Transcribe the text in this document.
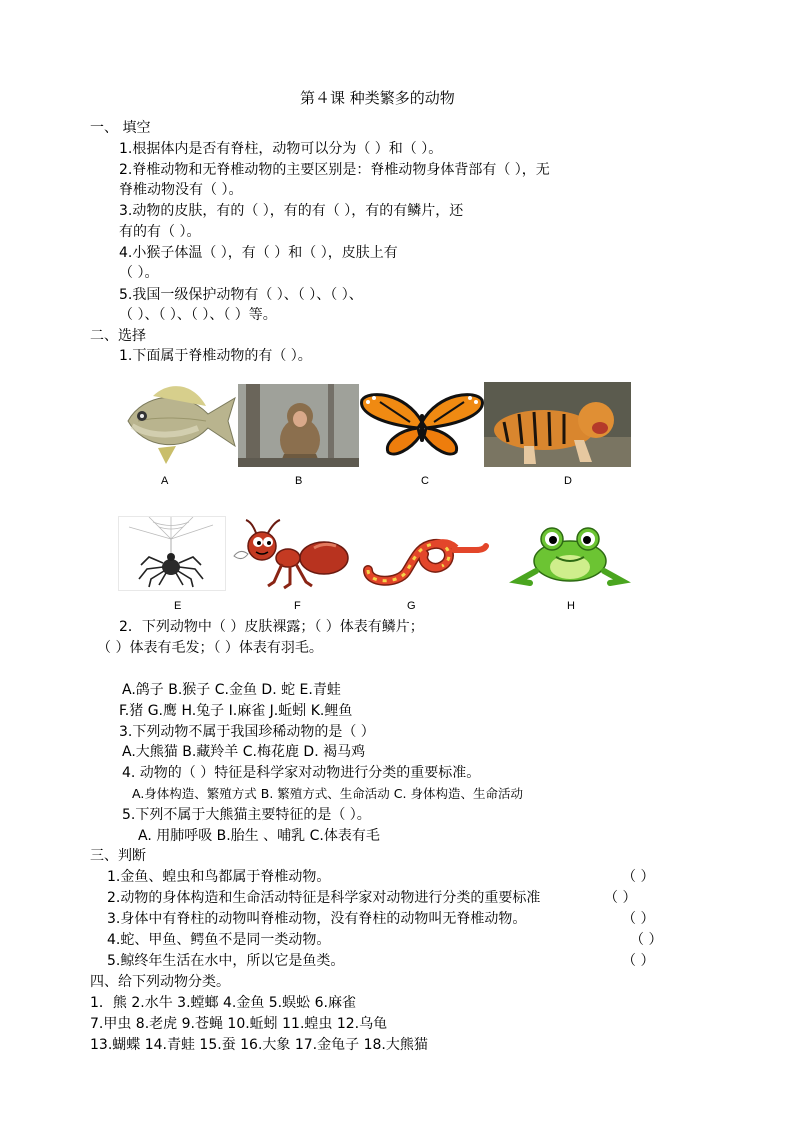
第４课 种类繁多的动物
一、 填空
1.根据体内是否有脊柱，动物可以分为（ ）和（ ）。
2.脊椎动物和无脊椎动物的主要区别是：脊椎动物身体背部有（ ），无
脊椎动物没有（ ）。
3.动物的皮肤，有的（ ），有的有（ ），有的有鳞片，还
有的有（ ）。
4.小猴子体温（ ），有（ ）和（ ），皮肤上有
（ ）。
5.我国一级保护动物有（ ）、（ ）、（ ）、
（ ）、（ ）、（ ）、（ ）等。
二、选择
1.下面属于脊椎动物的有（ ）。
A	B	C	D
E	F	G	H
2．下列动物中（ ）皮肤裸露；（ ）体表有鳞片；
（ ）体表有毛发；（ ）体表有羽毛。
A.鸽子 B.猴子 C.金鱼 D. 蛇 E.青蛙
F.猪 G.鹰 H.兔子 I.麻雀 J.蚯蚓 K.鲤鱼
3.下列动物不属于我国珍稀动物的是（ ）
A.大熊猫 B.藏羚羊 C.梅花鹿 D. 褐马鸡
4. 动物的（ ）特征是科学家对动物进行分类的重要标准。
A.身体构造、繁殖方式 B. 繁殖方式、生命活动 C. 身体构造、生命活动
5.下列不属于大熊猫主要特征的是（ ）。
A. 用肺呼吸 B.胎生 、哺乳 C.体表有毛
三、判断
1.金鱼、蝗虫和鸟都属于脊椎动物。	（ ）
2.动物的身体构造和生命活动特征是科学家对动物进行分类的重要标准	（ ）
3.身体中有脊柱的动物叫脊椎动物，没有脊柱的动物叫无脊椎动物。	（ ）
4.蛇、甲鱼、鳄鱼不是同一类动物。	（ ）
5.鲸终年生活在水中，所以它是鱼类。	（ ）
四、给下列动物分类。
1．熊 2.水牛 3.螳螂 4.金鱼 5.蜈蚣 6.麻雀
7.甲虫 8.老虎 9.苍蝇 10.蚯蚓 11.蝗虫 12.乌龟
13.蝴蝶 14.青蛙 15.蚕 16.大象 17.金龟子 18.大熊猫
